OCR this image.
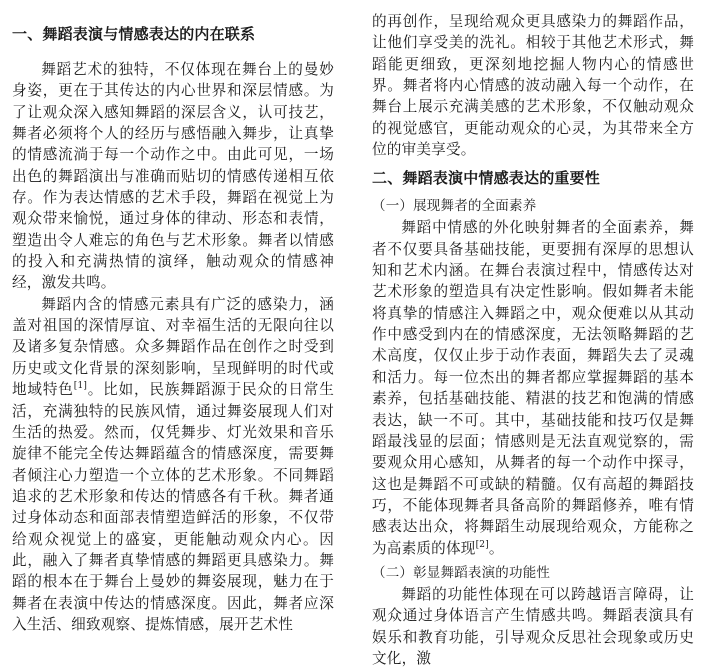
一、舞蹈表演与情感表达的内在联系

舞蹈艺术的独特，不仅体现在舞台上的曼妙身姿，更在于其传达的内心世界和深层情感。为了让观众深入感知舞蹈的深层含义，认可技艺，舞者必须将个人的经历与感悟融入舞步，让真挚的情感流淌于每一个动作之中。由此可见，一场出色的舞蹈演出与准确而贴切的情感传递相互依存。作为表达情感的艺术手段，舞蹈在视觉上为观众带来愉悦，通过身体的律动、形态和表情，塑造出令人难忘的角色与艺术形象。舞者以情感的投入和充满热情的演绎，触动观众的情感神经，激发共鸣。

舞蹈内含的情感元素具有广泛的感染力，涵盖对祖国的深情厚谊、对幸福生活的无限向往以及诸多复杂情感。众多舞蹈作品在创作之时受到历史或文化背景的深刻影响，呈现鲜明的时代或地域特色[1]。比如，民族舞蹈源于民众的日常生活，充满独特的民族风情，通过舞姿展现人们对生活的热爱。然而，仅凭舞步、灯光效果和音乐旋律不能完全传达舞蹈蕴含的情感深度，需要舞者倾注心力塑造一个立体的艺术形象。不同舞蹈追求的艺术形象和传达的情感各有千秋。舞者通过身体动态和面部表情塑造鲜活的形象，不仅带给观众视觉上的盛宴，更能触动观众内心。因此，融入了舞者真挚情感的舞蹈更具感染力。舞蹈的根本在于舞台上曼妙的舞姿展现，魅力在于舞者在表演中传达的情感深度。因此，舞者应深入生活、细致观察、提炼情感，展开艺术性

的再创作，呈现给观众更具感染力的舞蹈作品，让他们享受美的洗礼。相较于其他艺术形式，舞蹈能更细致，更深刻地挖掘人物内心的情感世界。舞者将内心情感的波动融入每一个动作，在舞台上展示充满美感的艺术形象，不仅触动观众的视觉感官，更能动观众的心灵，为其带来全方位的审美享受。

二、舞蹈表演中情感表达的重要性
（一）展现舞者的全面素养

舞蹈中情感的外化映射舞者的全面素养，舞者不仅要具备基础技能，更要拥有深厚的思想认知和艺术内涵。在舞台表演过程中，情感传达对艺术形象的塑造具有决定性影响。假如舞者未能将真挚的情感注入舞蹈之中，观众便难以从其动作中感受到内在的情感深度，无法领略舞蹈的艺术高度，仅仅止步于动作表面，舞蹈失去了灵魂和活力。每一位杰出的舞者都应掌握舞蹈的基本素养，包括基础技能、精湛的技艺和饱满的情感表达，缺一不可。其中，基础技能和技巧仅是舞蹈最浅显的层面；情感则是无法直观觉察的，需要观众用心感知，从舞者的每一个动作中探寻，这也是舞蹈不可或缺的精髓。仅有高超的舞蹈技巧，不能体现舞者具备高阶的舞蹈修养，唯有情感表达出众，将舞蹈生动展现给观众，方能称之为高素质的体现[2]。

（二）彰显舞蹈表演的功能性

舞蹈的功能性体现在可以跨越语言障碍，让观众通过身体语言产生情感共鸣。舞蹈表演具有娱乐和教育功能，引导观众反思社会现象或历史文化，激
